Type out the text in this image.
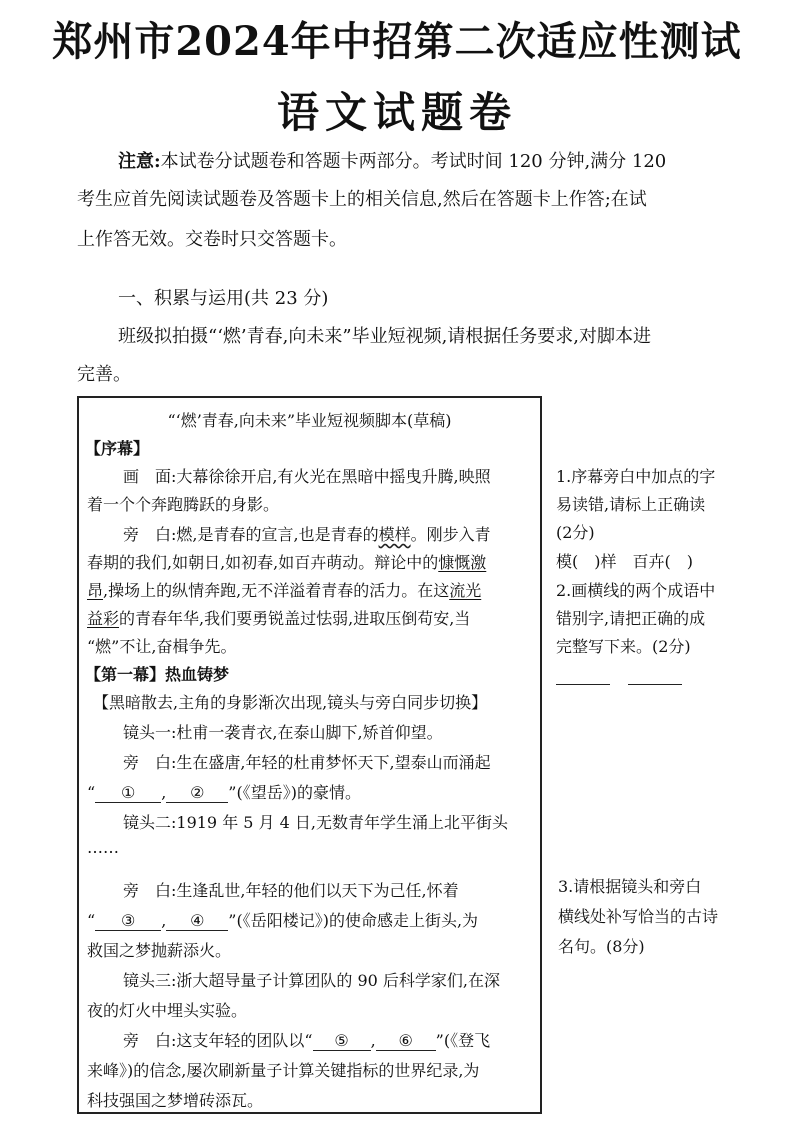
郑州市2024年中招第二次适应性测试
语文试题卷
注意:本试卷分试题卷和答题卡两部分。考试时间 120 分钟,满分 120
考生应首先阅读试题卷及答题卡上的相关信息,然后在答题卡上作答;在试
上作答无效。交卷时只交答题卡。
一、积累与运用(共 23 分)
班级拟拍摄“‘燃’青春,向未来”毕业短视频,请根据任务要求,对脚本进
完善。
“‘燃’青春,向未来”毕业短视频脚本(草稿)
【序幕】
画　面:大幕徐徐开启,有火光在黑暗中摇曳升腾,映照
着一个个奔跑腾跃的身影。
旁　白:燃,是青春的宣言,也是青春的模样。刚步入青
春期的我们,如朝日,如初春,如百卉萌动。辩论中的慷慨激
昂,操场上的纵情奔跑,无不洋溢着青春的活力。在这流光
益彩的青春年华,我们要勇锐盖过怯弱,进取压倒苟安,当
“燃”不让,奋楫争先。
【第一幕】热血铸梦
【黑暗散去,主角的身影渐次出现,镜头与旁白同步切换】
镜头一:杜甫一袭青衣,在泰山脚下,矫首仰望。
旁　白:生在盛唐,年轻的杜甫梦怀天下,望泰山而涌起
“ ① , ② ”(《望岳》)的豪情。
镜头二:1919 年 5 月 4 日,无数青年学生涌上北平街头
……
旁　白:生逢乱世,年轻的他们以天下为己任,怀着
“ ③ , ④ ”(《岳阳楼记》)的使命感走上街头,为
救国之梦抛薪添火。
镜头三:浙大超导量子计算团队的 90 后科学家们,在深
夜的灯火中埋头实验。
旁　白:这支年轻的团队以“ ⑤ , ⑥ ”(《登飞
来峰》)的信念,屡次刷新量子计算关键指标的世界纪录,为
科技强国之梦增砖添瓦。
1.序幕旁白中加点的字
易读错,请标上正确读
(2分)
模(　)样　百卉(　)
2.画横线的两个成语中
错别字,请把正确的成
完整写下来。(2分)
3.请根据镜头和旁白
横线处补写恰当的古诗
名句。(8分)
